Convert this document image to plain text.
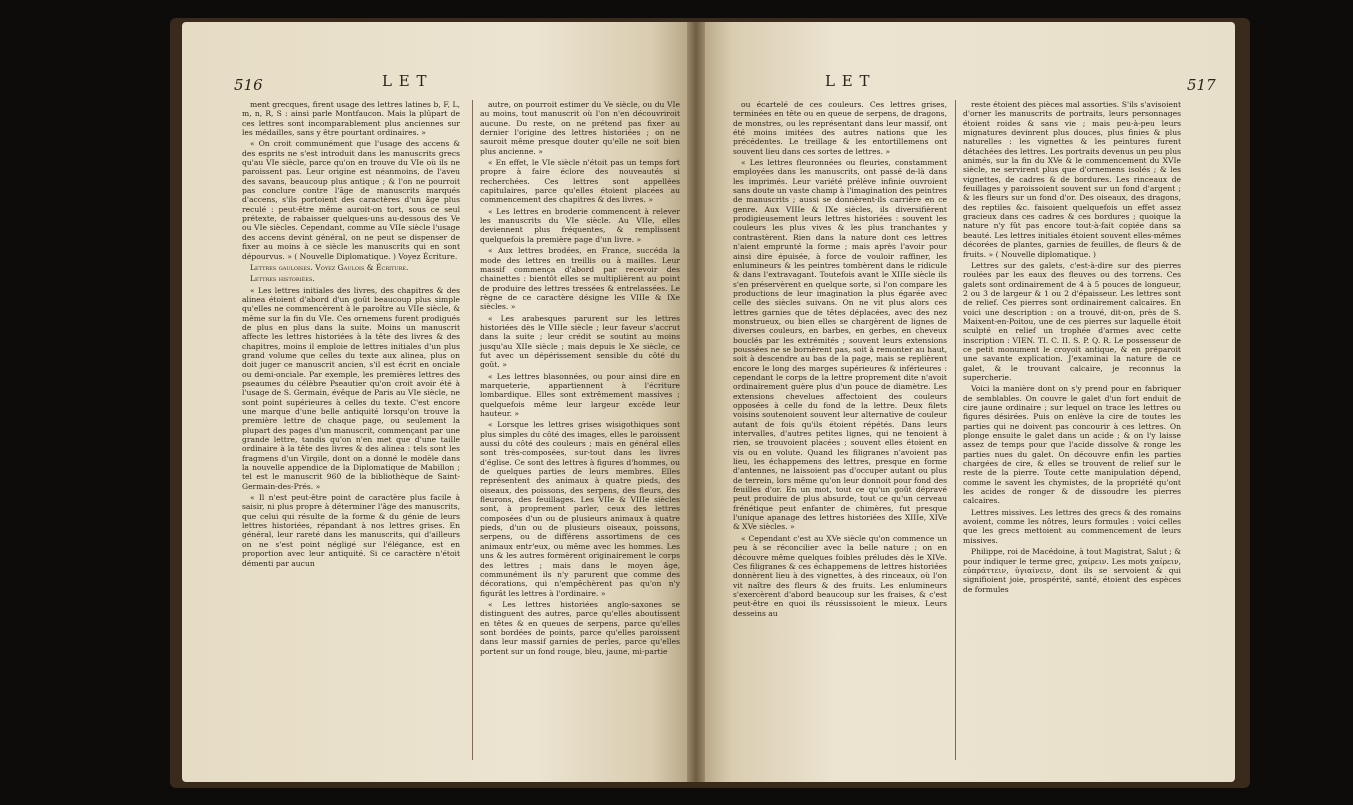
516	L E T

ment grecques, firent usage des lettres latines b, F, L, m, n, R, S : ainsi parle Montfaucon. Mais la plûpart de ces lettres sont incomparablement plus anciennes sur les médailles, sans y être pourtant ordinaires. »

« On croit communément que l'usage des accens & des esprits ne s'est introduit dans les manuscrits grecs qu'au VIe siècle, parce qu'on en trouve du VIe où ils ne paroissent pas. Leur origine est néanmoins, de l'aveu des savans, beaucoup plus antique ; & l'on ne pourroit pas conclure contre l'âge de manuscrits marqués d'accens, s'ils portoient des caractères d'un âge plus reculé : peut-être même auroit-on tort, sous ce seul prétexte, de rabaisser quelques-uns au-dessous des Ve ou VIe siècles. Cependant, comme au VIIe siècle l'usage des accens devint général, on ne peut se dispenser de fixer au moins à ce siècle les manuscrits qui en sont dépourvus. » ( Nouvelle Diplomatique. ) Voyez Écriture.

Lettres gauloises. Voyez Gaulois & Écriture.

Lettres historiées.

« Les lettres initiales des livres, des chapitres & des alinea étoient d'abord d'un goût beaucoup plus simple qu'elles ne commencèrent à le paroître au VIIe siècle, & même sur la fin du VIe. Ces ornemens furent prodigués de plus en plus dans la suite. Moins un manuscrit affecte les lettres historiées à la tête des livres & des chapitres, moins il emploie de lettres initiales d'un plus grand volume que celles du texte aux alinea, plus on doit juger ce manuscrit ancien, s'il est écrit en onciale ou demi-onciale. Par exemple, les premières lettres des pseaumes du célèbre Pseautier qu'on croit avoir été à l'usage de S. Germain, évêque de Paris au VIe siècle, ne sont point supérieures à celles du texte. C'est encore une marque d'une belle antiquité lorsqu'on trouve la première lettre de chaque page, ou seulement la plupart des pages d'un manuscrit, commençant par une grande lettre, tandis qu'on n'en met que d'une taille ordinaire à la tête des livres & des alinea : tels sont les fragmens d'un Virgile, dont on a donné le modèle dans la nouvelle appendice de la Diplomatique de Mabillon ; tel est le manuscrit 960 de la bibliothèque de Saint-Germain-des-Prés. »

« Il n'est peut-être point de caractère plus facile à saisir, ni plus propre à déterminer l'âge des manuscrits, que celui qui résulte de la forme & du génie de leurs lettres historiées, répandant à nos lettres grises. En général, leur rareté dans les manuscrits, qui d'ailleurs on ne s'est point négligé sur l'élégance, est en proportion avec leur antiquité. Si ce caractère n'étoit démenti par aucun

autre, on pourroit estimer du Ve siècle, ou du VIe au moins, tout manuscrit où l'on n'en découvriroit aucune. Du reste, on ne prétend pas fixer au dernier l'origine des lettres historiées ; on ne sauroit même presque douter qu'elle ne soit bien plus ancienne. »

« En effet, le VIe siècle n'étoit pas un temps fort propre à faire éclore des nouveautés si recherchées. Ces lettres sont appellées capitulaires, parce qu'elles étoient placées au commencement des chapitres & des livres. »

« Les lettres en broderie commencent à relever les manuscrits du VIe siècle. Au VIIe, elles deviennent plus fréquentes, & remplissent quelquefois la première page d'un livre. »

« Aux lettres brodées, en France, succéda la mode des lettres en treillis ou à mailles. Leur massif commença d'abord par recevoir des chainettes : bientôt elles se multiplièrent au point de produire des lettres tressées & entrelassées. Le règne de ce caractère désigne les VIIIe & IXe siècles. »

« Les arabesques parurent sur les lettres historiées dès le VIIIe siècle ; leur faveur s'accrut dans la suite ; leur crédit se soutint au moins jusqu'au XIIe siècle ; mais depuis le Xe siècle, ce fut avec un dépérissement sensible du côté du goût. »

« Les lettres blasonnées, ou pour ainsi dire en marqueterie, appartiennent à l'écriture lombardique. Elles sont extrêmement massives ; quelquefois même leur largeur excède leur hauteur. »

« Lorsque les lettres grises wisigothiques sont plus simples du côté des images, elles le paroissent aussi du côté des couleurs ; mais en général elles sont très-composées, sur-tout dans les livres d'église. Ce sont des lettres à figures d'hommes, ou de quelques parties de leurs membres. Elles représentent des animaux à quatre pieds, des oiseaux, des poissons, des serpens, des fleurs, des fleurons, des feuillages. Les VIIe & VIIIe siècles sont, à proprement parler, ceux des lettres composées d'un ou de plusieurs animaux à quatre pieds, d'un ou de plusieurs oiseaux, poissons, serpens, ou de différens assortimens de ces animaux entr'eux, ou même avec les hommes. Les uns & les autres formèrent originairement le corps des lettres ; mais dans le moyen âge, communément ils n'y parurent que comme des décorations, qui n'empêchèrent pas qu'on n'y figurât les lettres à l'ordinaire. »

« Les lettres historiées anglo-saxones se distinguent des autres, parce qu'elles aboutissent en têtes & en queues de serpens, parce qu'elles sont bordées de points, parce qu'elles paroissent dans leur massif garnies de perles, parce qu'elles portent sur un fond rouge, bleu, jaune, mi-partie

L E T	517

ou écartelé de ces couleurs. Ces lettres grises, terminées en tête ou en queue de serpens, de dragons, de monstres, ou les représentant dans leur massif, ont été moins imitées des autres nations que les précédentes. Le treillage & les entortillemens ont souvent lieu dans ces sortes de lettres. »

« Les lettres fleuronnées ou fleuries, constamment employées dans les manuscrits, ont passé de-là dans les imprimés. Leur variété prélève infinie ouvroient sans doute un vaste champ à l'imagination des peintres de manuscrits ; aussi se donnèrent-ils carrière en ce genre. Aux VIIIe & IXe siècles, ils diversifièrent prodigieusement leurs lettres historiées : souvent les couleurs les plus vives & les plus tranchantes y contrastèrent. Rien dans la nature dont ces lettres n'aient emprunté la forme ; mais après l'avoir pour ainsi dire épuisée, à force de vouloir raffiner, les enlumineurs & les peintres tombèrent dans le ridicule & dans l'extravagant. Toutefois avant le XIIIe siècle ils s'en préservèrent en quelque sorte, si l'on compare les productions de leur imagination la plus égarée avec celle des siècles suivans. On ne vit plus alors ces lettres garnies que de têtes déplacées, avec des nez monstrueux, ou bien elles se chargèrent de lignes de diverses couleurs, en barbes, en gerbes, en cheveux bouclés par les extrémités ; souvent leurs extensions poussées ne se bornèrent pas, soit à remonter au haut, soit à descendre au bas de la page, mais se replièrent encore le long des marges supérieures & inférieures : cependant le corps de la lettre proprement dite n'avoit ordinairement guère plus d'un pouce de diamètre. Les extensions chevelues affectoient des couleurs opposées à celle du fond de la lettre. Deux filets voisins soutenoient souvent leur alternative de couleur autant de fois qu'ils étoient répétés. Dans leurs intervalles, d'autres petites lignes, qui ne tenoient à rien, se trouvoient placées ; souvent elles étoient en vis ou en volute. Quand les filigranes n'avoient pas lieu, les échappemens des lettres, presque en forme d'antennes, ne laissoient pas d'occuper autant ou plus de terrein, lors même qu'on leur donnoit pour fond des feuilles d'or. En un mot, tout ce qu'un goût dépravé peut produire de plus absurde, tout ce qu'un cerveau frénétique peut enfanter de chimères, fut presque l'unique apanage des lettres historiées des XIIIe, XIVe & XVe siècles. »

« Cependant c'est au XVe siècle qu'on commence un peu à se réconcilier avec la belle nature ; on en découvre même quelques foibles préludes dès le XIVe. Ces filigranes & ces échappemens de lettres historiées donnèrent lieu à des vignettes, à des rinceaux, où l'on vit naître des fleurs & des fruits. Les enlumineurs s'exercèrent d'abord beaucoup sur les fraises, & c'est peut-être en quoi ils réussissoient le mieux. Leurs desseins au

reste étoient des pièces mal assorties. S'ils s'avisoient d'orner les manuscrits de portraits, leurs personnages étoient roides & sans vie ; mais peu-à-peu leurs mignatures devinrent plus douces, plus finies & plus naturelles : les vignettes & les peintures furent détachées des lettres. Les portraits devenus un peu plus animés, sur la fin du XVe & le commencement du XVIe siècle, ne servirent plus que d'ornemens isolés ; & les vignettes, de cadres & de bordures. Les rinceaux de feuillages y paroissoient souvent sur un fond d'argent ; & les fleurs sur un fond d'or. Des oiseaux, des dragons, des reptiles &c. faisoient quelquefois un effet assez gracieux dans ces cadres & ces bordures ; quoique la nature n'y fût pas encore tout-à-fait copiée dans sa beauté. Les lettres initiales étoient souvent elles-mêmes décorées de plantes, garnies de feuilles, de fleurs & de fruits. » ( Nouvelle diplomatique. )

Lettres sur des galets, c'est-à-dire sur des pierres roulées par les eaux des fleuves ou des torrens. Ces galets sont ordinairement de 4 à 5 pouces de longueur, 2 ou 3 de largeur & 1 ou 2 d'épaisseur. Les lettres sont de relief. Ces pierres sont ordinairement calcaires. En voici une description : on a trouvé, dit-on, près de S. Maixent-en-Poitou, une de ces pierres sur laquelle étoit sculpté en relief un trophée d'armes avec cette inscription : VIEN. TI. C. II. S. P. Q. R. Le possesseur de ce petit monument le croyoit antique, & en préparoit une savante explication. J'examinai la nature de ce galet, & le trouvant calcaire, je reconnus la supercherie.

Voici la manière dont on s'y prend pour en fabriquer de semblables. On couvre le galet d'un fort enduit de cire jaune ordinaire ; sur lequel on trace les lettres ou figures désirées. Puis on enlève la cire de toutes les parties qui ne doivent pas concourir à ces lettres. On plonge ensuite le galet dans un acide ; & on l'y laisse assez de temps pour que l'acide dissolve & ronge les parties nues du galet. On découvre enfin les parties chargées de cire, & elles se trouvent de relief sur le reste de la pierre. Toute cette manipulation dépend, comme le savent les chymistes, de la propriété qu'ont les acides de ronger & de dissoudre les pierres calcaires.

Lettres missives. Les lettres des grecs & des romains avoient, comme les nôtres, leurs formules : voici celles que les grecs mettoient au commencement de leurs missives.

Philippe, roi de Macédoine, à tout Magistrat, Salut ; & pour indiquer le terme grec, χαίρειν. Les mots χαίρειν, εὐπράττειν, ὑγιαίνειν, dont ils se servoient & qui signifioient joie, prospérité, santé, étoient des espèces de formules
